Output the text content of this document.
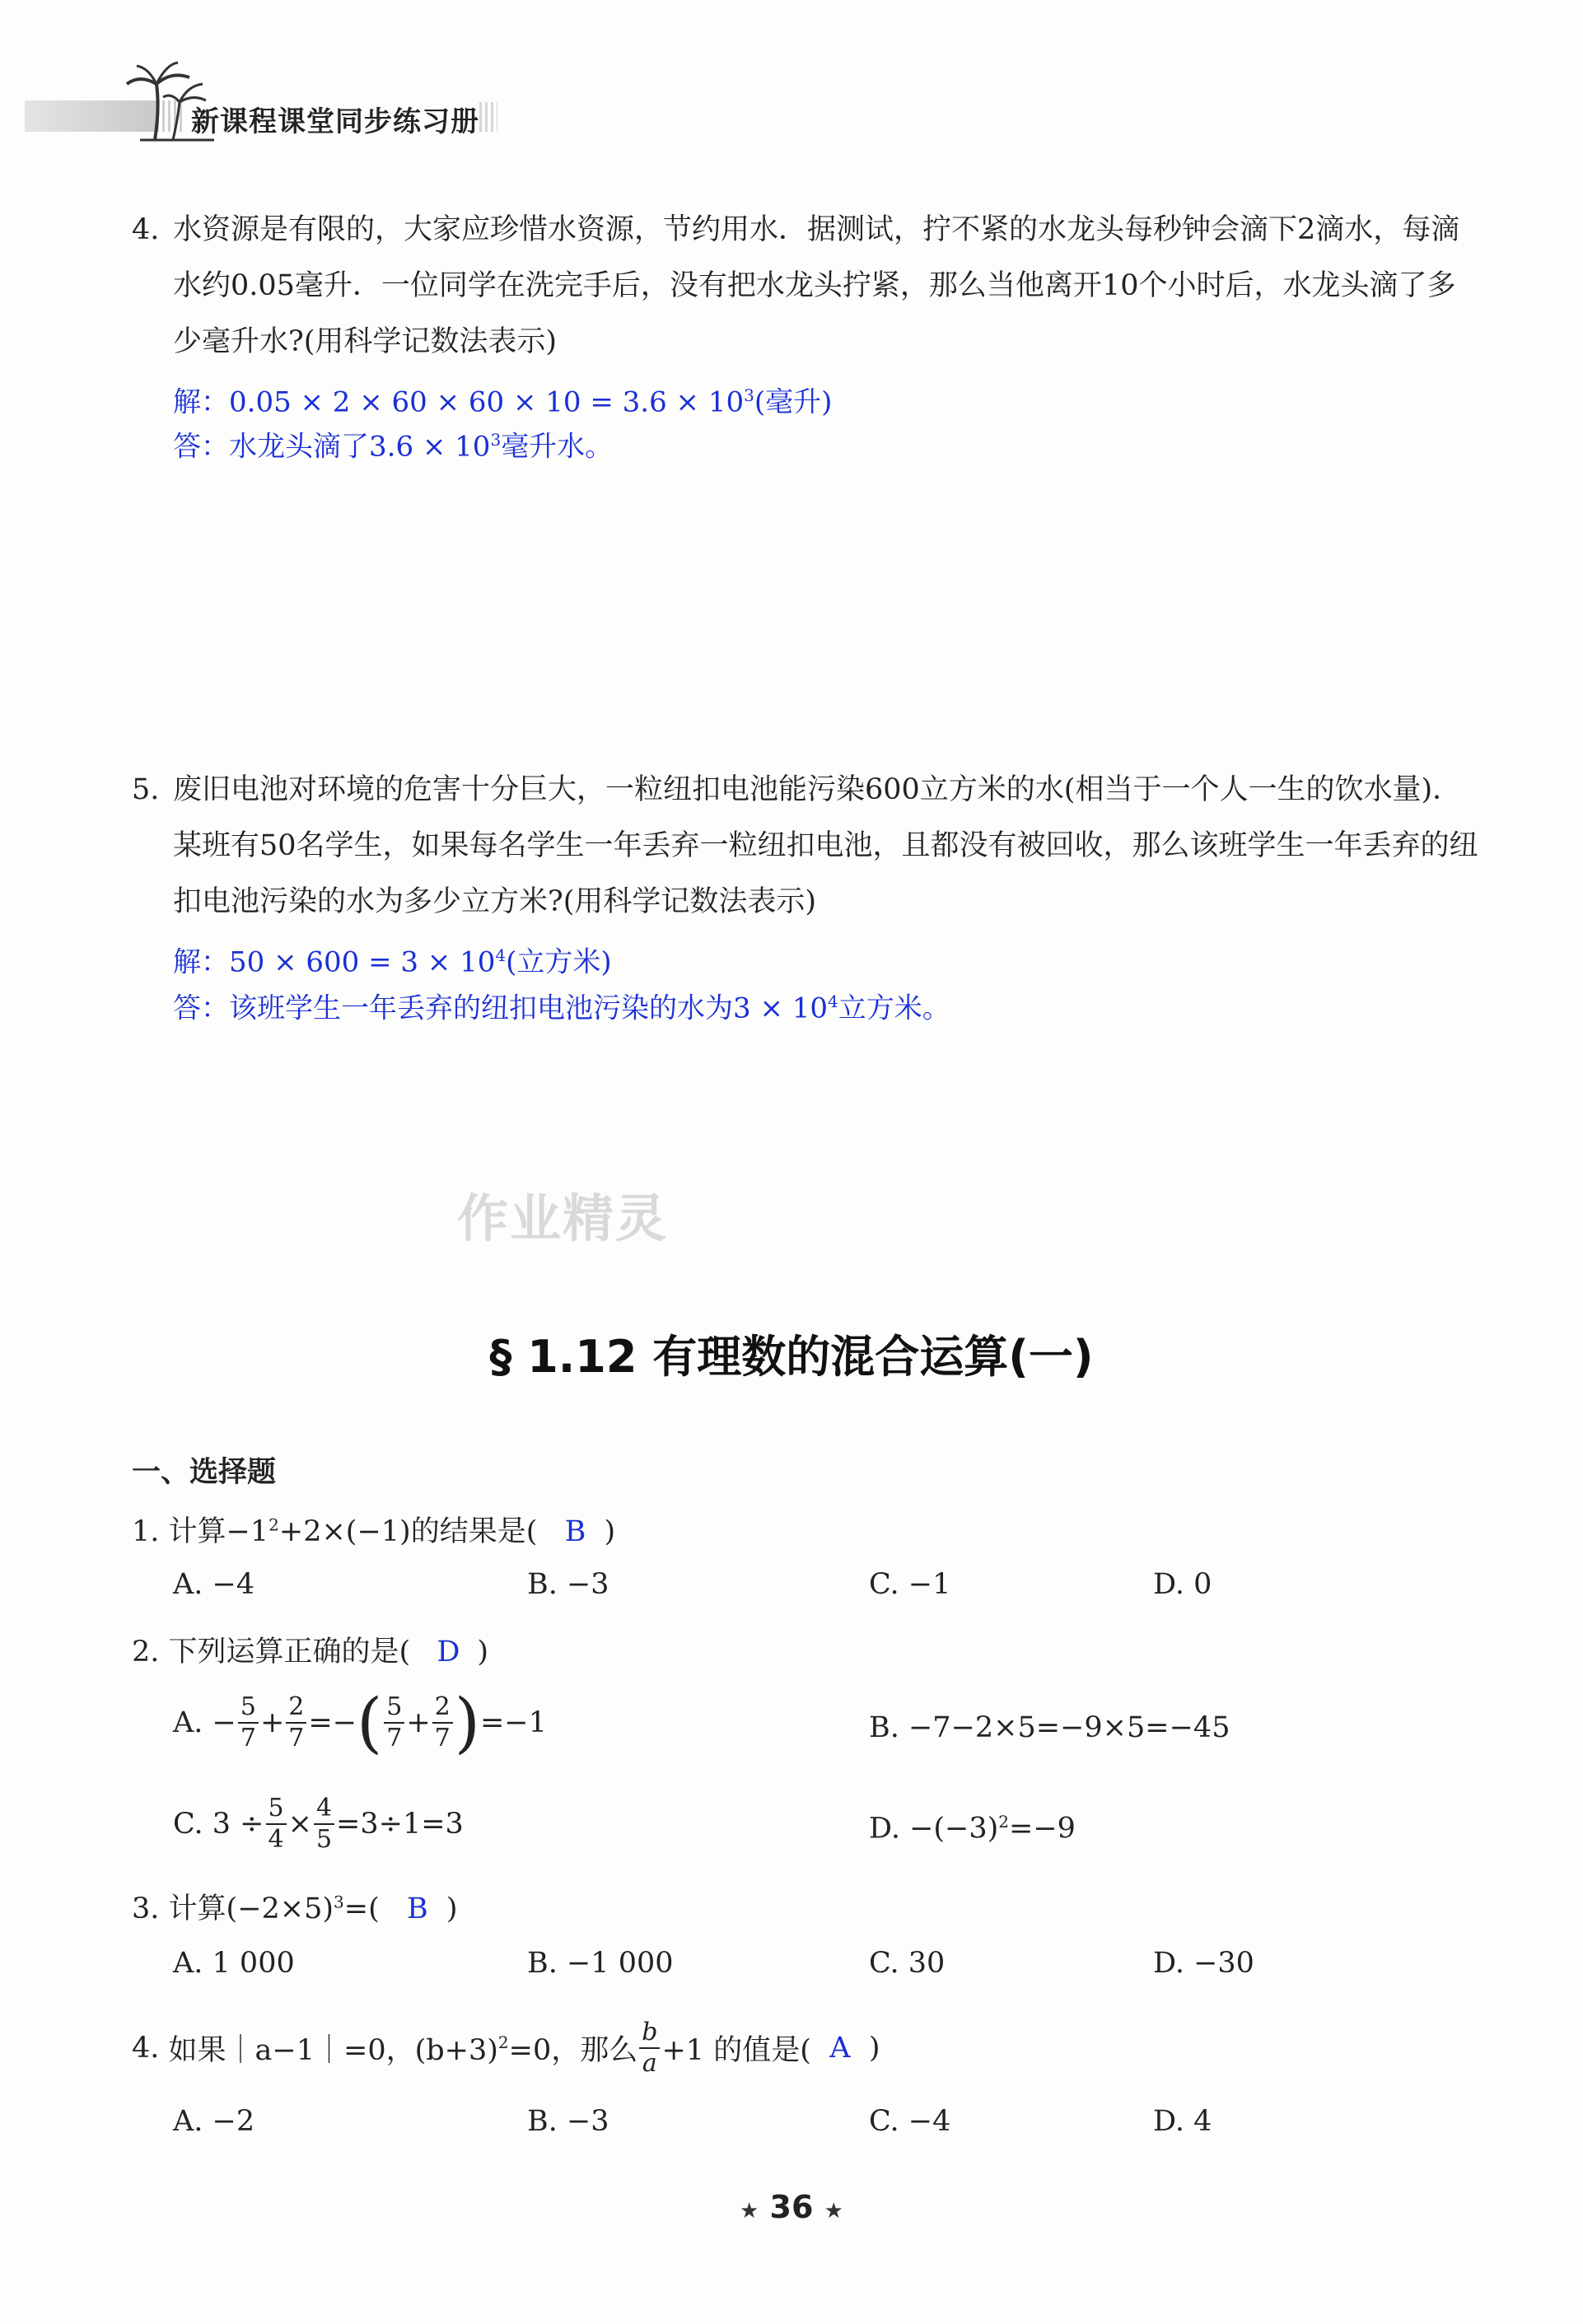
新课程课堂同步练习册
4. 水资源是有限的，大家应珍惜水资源，节约用水．据测试，拧不紧的水龙头每秒钟会滴下2滴水，每滴水约0.05毫升．一位同学在洗完手后，没有把水龙头拧紧，那么当他离开10个小时后，水龙头滴了多少毫升水?(用科学记数法表示)
解：$0.05 \times 2 \times 60 \times 60 \times 10 = 3.6 \times 10^3$(毫升)
答：水龙头滴了$3.6 \times 10^3$毫升水。
5. 废旧电池对环境的危害十分巨大，一粒纽扣电池能污染600立方米的水(相当于一个人一生的饮水量)．某班有50名学生，如果每名学生一年丢弃一粒纽扣电池，且都没有被回收，那么该班学生一年丢弃的纽扣电池污染的水为多少立方米?(用科学记数法表示)
解：$50 \times 600 = 3 \times 10^4$(立方米)
答：该班学生一年丢弃的纽扣电池污染的水为$3 \times 10^4$立方米。
作业精灵
§ 1.12 有理数的混合运算(一)
一、选择题
1. 计算$-1^2+2\times(-1)$的结果是( B )
A. −4	B. −3	C. −1	D. 0
2. 下列运算正确的是( D )
A. − $\frac{5}{7} + \frac{2}{7}$ =− ( $\frac{5}{7} + \frac{2}{7}$ ) =−1	B. −7−2×5=−9×5=−45
C. $3 \div \frac{5}{4} \times \frac{4}{5} =3\div 1=3$	D. $-(-3)^2=-9$
3. 计算$(-2\times 5)^3=$( B )
A. 1 000	B. −1 000	C. 30	D. −30
4.
如果｜a−1｜=0，$(b+3)^2 =0$，那么 $\frac{b}{a} +1$ 的值是( A )
A. −2	B. −3	C. −4	D. 4
★ 36 ★
